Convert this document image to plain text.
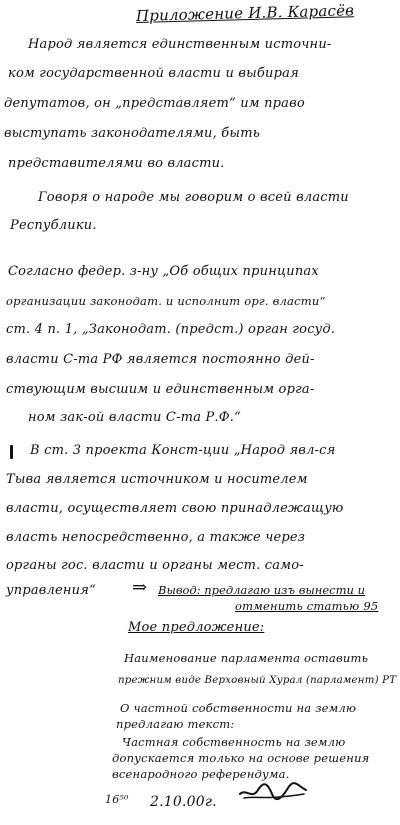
Приложение И.В. Карасёв
Народ является единственным источни-
ком государственной власти и выбирая
депутатов, он „представляет“ им право
выступать законодателями, быть
представителями во власти.
Говоря о народе мы говорим о всей власти
Республики.
Согласно федер. з-ну „Об общих принципах
организации законодат. и исполнит орг. власти“
ст. 4 п. 1, „Законодат. (предст.) орган госуд.
власти С-та РФ является постоянно дей-
ствующим высшим и единственным орга-
ном зак-ой власти С-та Р.Ф.“
В ст. 3 проекта Конст-ции „Народ явл-ся
Тыва является источником и носителем
власти, осуществляет свою принадлежащую
власть непосредственно, а также через
органы гос. власти и органы мест. само-
управления“ ⇒ Вывод: предлагаю изъ вынести и
отменить статью 95
Мое предложение:
Наименование парламента оставить
прежним виде Верховный Хурал (парламент) РТ
О частной собственности на землю
предлагаю текст:
Частная собственность на землю
допускается только на основе решения
всенародного референдума.
16⁵⁰ 2.10.00г.
